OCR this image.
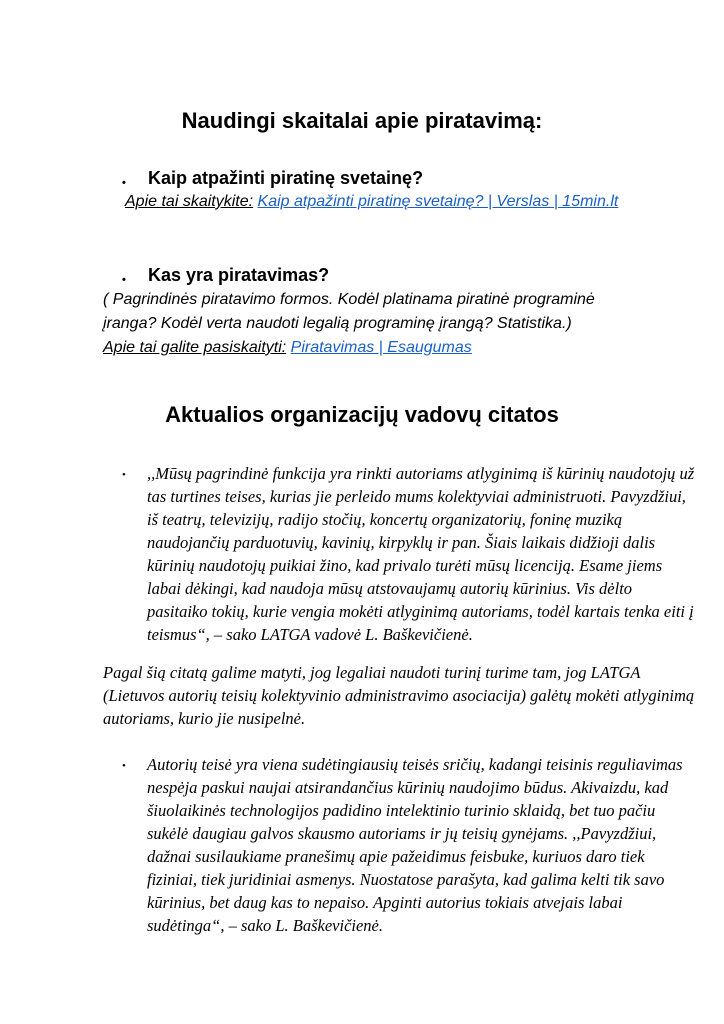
Naudingi skaitalai apie piratavimą:
• Kaip atpažinti piratinę svetainę?

Apie tai skaitykite: Kaip atpažinti piratinę svetainę? | Verslas | 15min.lt

• Kas yra piratavimas?

( Pagrindinės piratavimo formos. Kodėl platinama piratinė programinė

įranga? Kodėl verta naudoti legalią programinę įrangą? Statistika.)

Apie tai galite pasiskaityti: Piratavimas | Esaugumas

Aktualios organizacijų vadovų citatos
• ,,Mūsų pagrindinė funkcija yra rinkti autoriams atlyginimą iš kūrinių naudotojų už tas turtines teises, kurias jie perleido mums kolektyviai administruoti. Pavyzdžiui, iš teatrų, televizijų, radijo stočių, koncertų organizatorių, foninę muziką naudojančių parduotuvių, kavinių, kirpyklų ir pan. Šiais laikais didžioji dalis kūrinių naudotojų puikiai žino, kad privalo turėti mūsų licenciją. Esame jiems labai dėkingi, kad naudoja mūsų atstovaujamų autorių kūrinius. Vis dėlto pasitaiko tokių, kurie vengia mokėti atlyginimą autoriams, todėl kartais tenka eiti į teismus“, – sako LATGA vadovė L. Baškevičienė.

Pagal šią citatą galime matyti, jog legaliai naudoti turinį turime tam, jog LATGA (Lietuvos autorių teisių kolektyvinio administravimo asociacija) galėtų mokėti atlyginimą autoriams, kurio jie nusipelnė.

• Autorių teisė yra viena sudėtingiausių teisės sričių, kadangi teisinis reguliavimas nespėja paskui naujai atsirandančius kūrinių naudojimo būdus. Akivaizdu, kad šiuolaikinės technologijos padidino intelektinio turinio sklaidą, bet tuo pačiu sukėlė daugiau galvos skausmo autoriams ir jų teisių gynėjams. ,,Pavyzdžiui, dažnai susilaukiame pranešimų apie pažeidimus feisbuke, kuriuos daro tiek fiziniai, tiek juridiniai asmenys. Nuostatose parašyta, kad galima kelti tik savo kūrinius, bet daug kas to nepaiso. Apginti autorius tokiais atvejais labai sudėtinga“, – sako L. Baškevičienė.
